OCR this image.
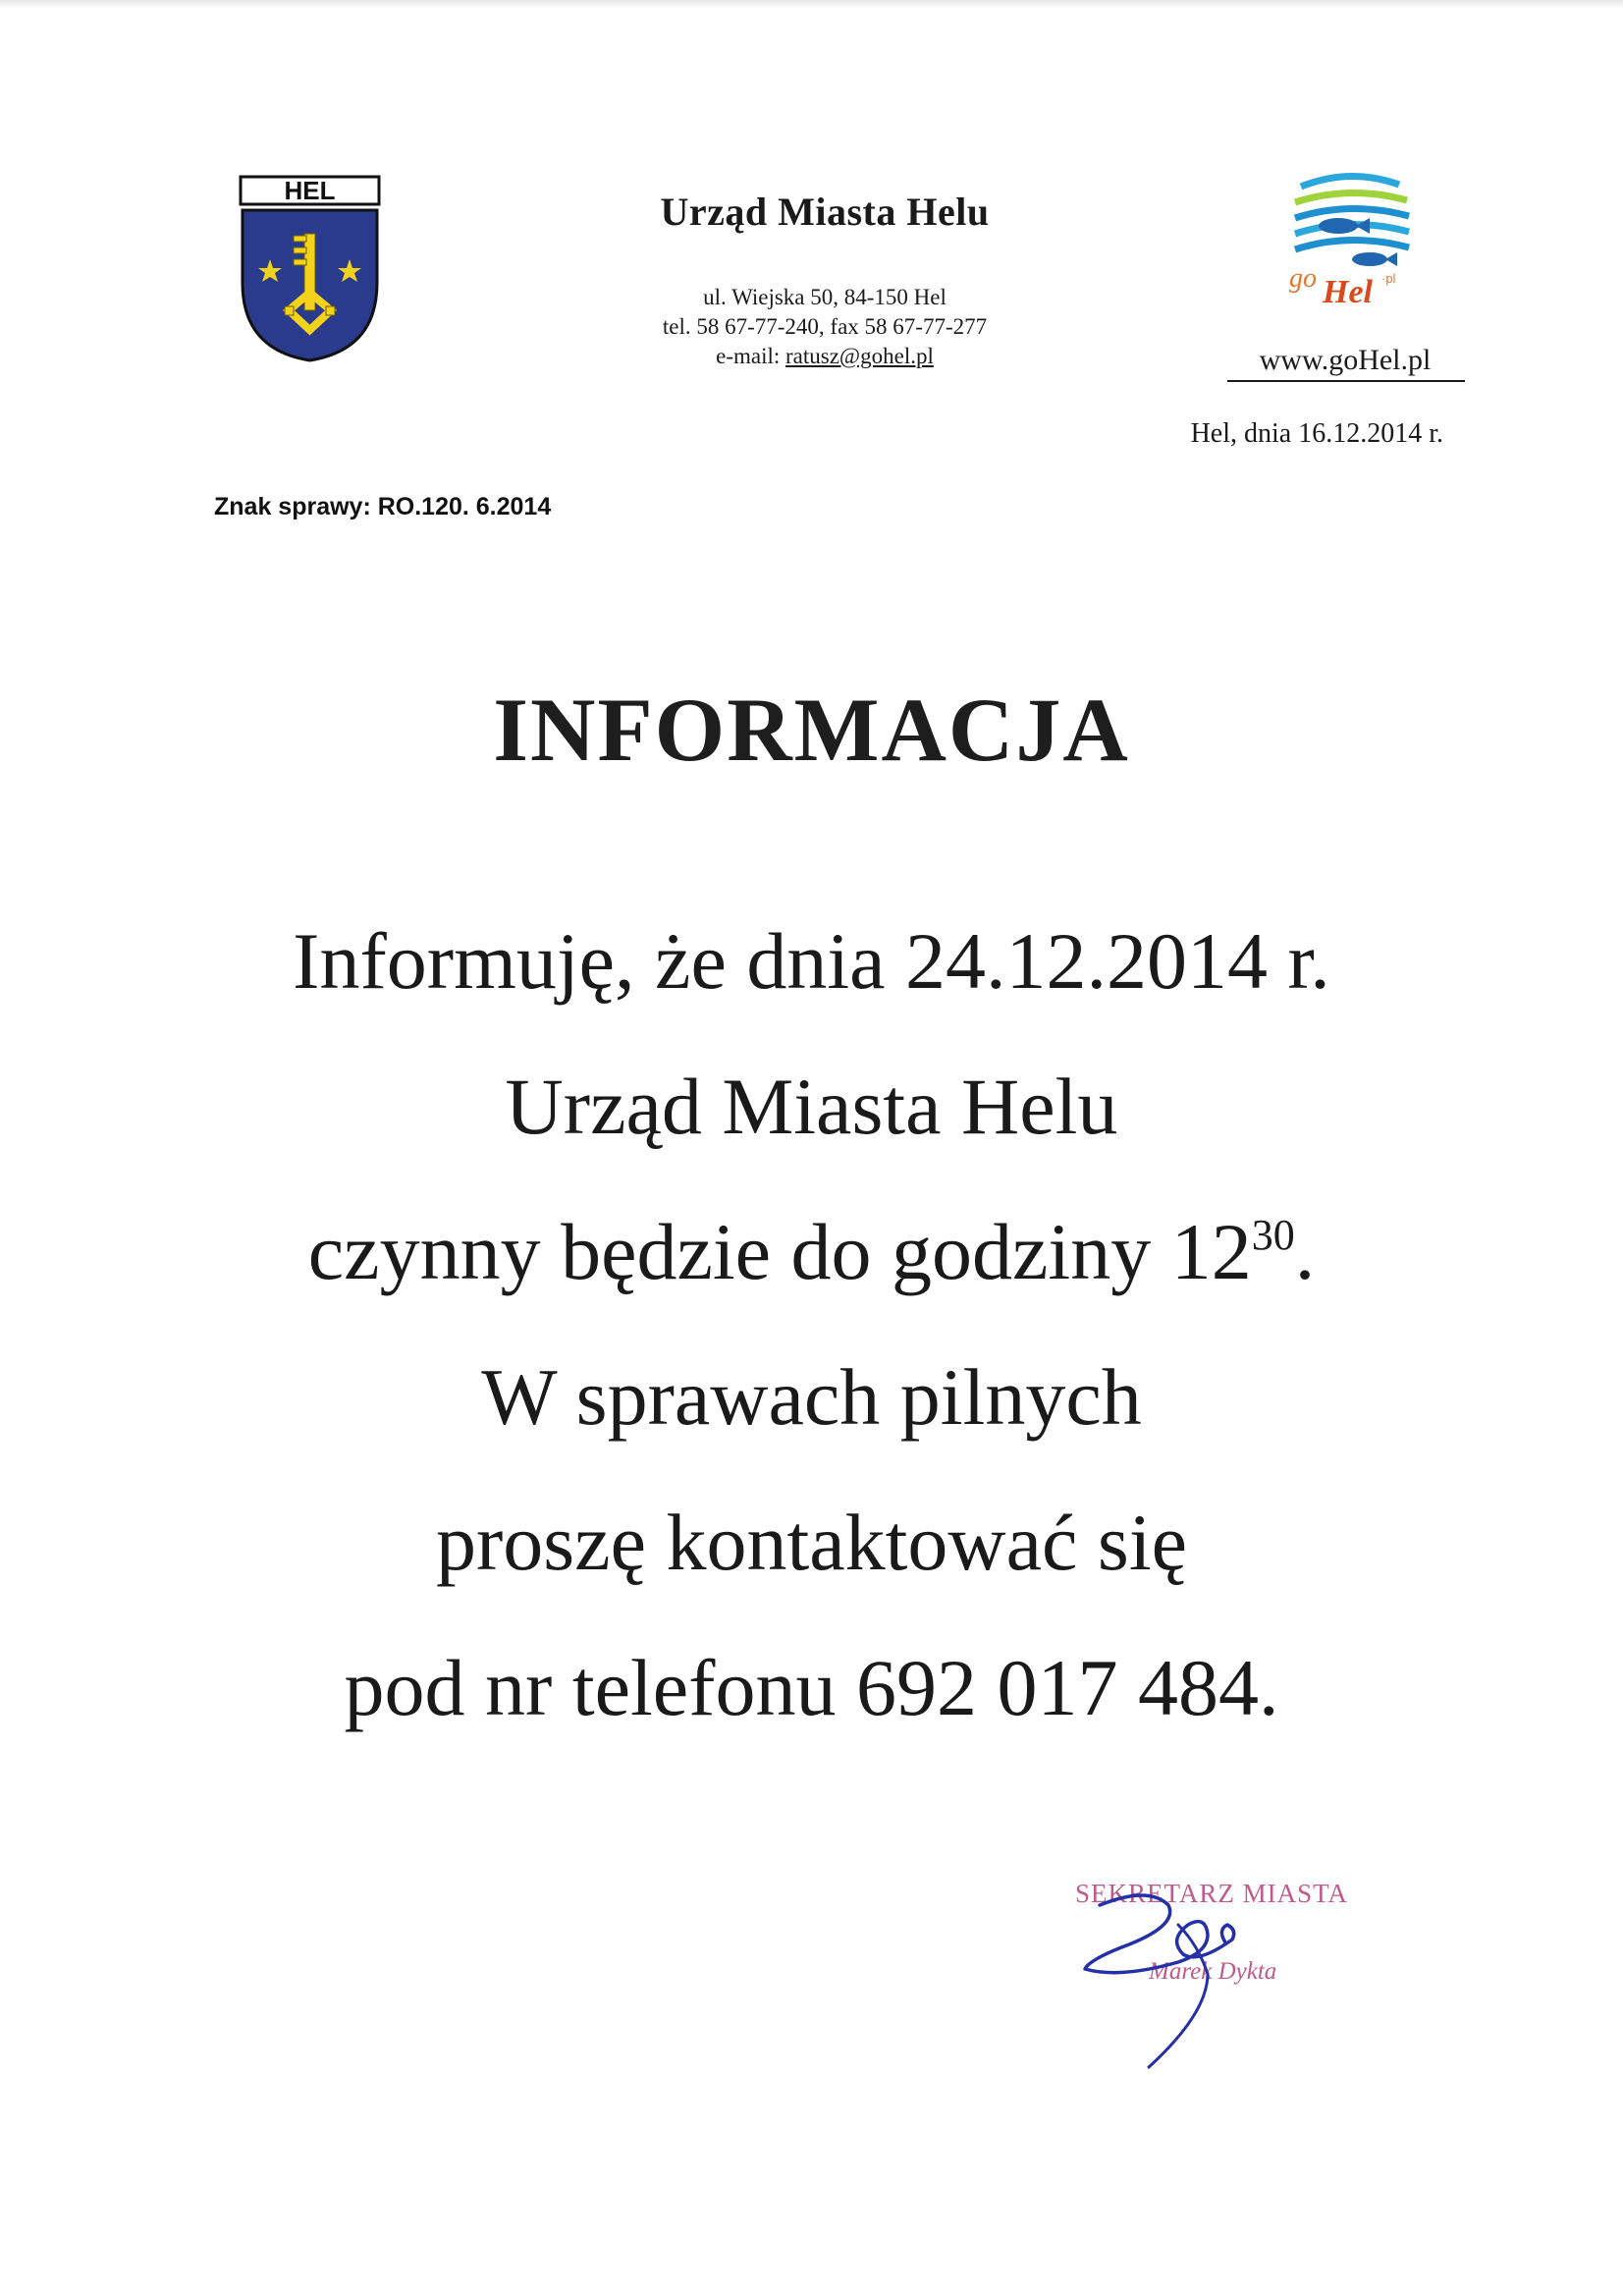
HEL	Urząd Miasta Helu
ul. Wiejska 50, 84-150 Hel
tel. 58 67-77-240, fax 58 67-77-277
e-mail: ratusz@gohel.pl
go Hel ·pl
www.goHel.pl
Hel, dnia 16.12.2014 r.
Znak sprawy: RO.120. 6.2014
INFORMACJA
Informuję, że dnia 24.12.2014 r.
Urząd Miasta Helu
czynny będzie do godziny $12^{30}$.
W sprawach pilnych
proszę kontaktować się
pod nr telefonu 692 017 484.
SEKRETARZ MIASTA
Marek Dykta
